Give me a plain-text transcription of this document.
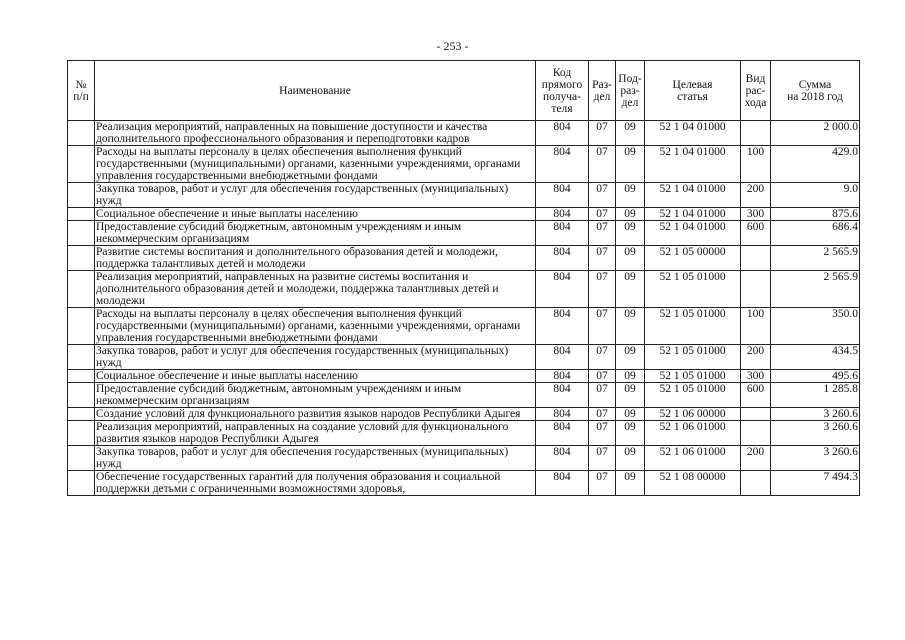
- 253 -
№
п/п	Наименование	Код
прямого
получа-
теля	Раз-
дел	Под-
раз-
дел	Целевая
статья	Вид
рас-
хода	Сумма
на 2018 год
	Реализация мероприятий, направленных на повышение доступности и качества дополнительного профессионального образования и переподготовки кадров	804	07	09	52 1 04 01000		2 000.0
	Расходы на выплаты персоналу в целях обеспечения выполнения функций государственными (муниципальными) органами, казенными учреждениями, органами управления государственными внебюджетными фондами	804	07	09	52 1 04 01000	100	429.0
	Закупка товаров, работ и услуг для обеспечения государственных (муниципальных) нужд	804	07	09	52 1 04 01000	200	9.0
	Социальное обеспечение и иные выплаты населению	804	07	09	52 1 04 01000	300	875.6
	Предоставление субсидий бюджетным, автономным учреждениям и иным некоммерческим организациям	804	07	09	52 1 04 01000	600	686.4
	Развитие системы воспитания и дополнительного образования детей и молодежи, поддержка талантливых детей и молодежи	804	07	09	52 1 05 00000		2 565.9
	Реализация мероприятий, направленных на развитие системы воспитания и дополнительного образования детей и молодежи, поддержка талантливых детей и молодежи	804	07	09	52 1 05 01000		2 565.9
	Расходы на выплаты персоналу в целях обеспечения выполнения функций государственными (муниципальными) органами, казенными учреждениями, органами управления государственными внебюджетными фондами	804	07	09	52 1 05 01000	100	350.0
	Закупка товаров, работ и услуг для обеспечения государственных (муниципальных) нужд	804	07	09	52 1 05 01000	200	434.5
	Социальное обеспечение и иные выплаты населению	804	07	09	52 1 05 01000	300	495.6
	Предоставление субсидий бюджетным, автономным учреждениям и иным некоммерческим организациям	804	07	09	52 1 05 01000	600	1 285.8
	Создание условий для функционального развития языков народов Республики Адыгея	804	07	09	52 1 06 00000		3 260.6
	Реализация мероприятий, направленных на создание условий для функционального развития языков народов Республики Адыгея	804	07	09	52 1 06 01000		3 260.6
	Закупка товаров, работ и услуг для обеспечения государственных (муниципальных) нужд	804	07	09	52 1 06 01000	200	3 260.6
	Обеспечение государственных гарантий для получения образования и социальной поддержки детьми с ограниченными возможностями здоровья,	804	07	09	52 1 08 00000		7 494.3
